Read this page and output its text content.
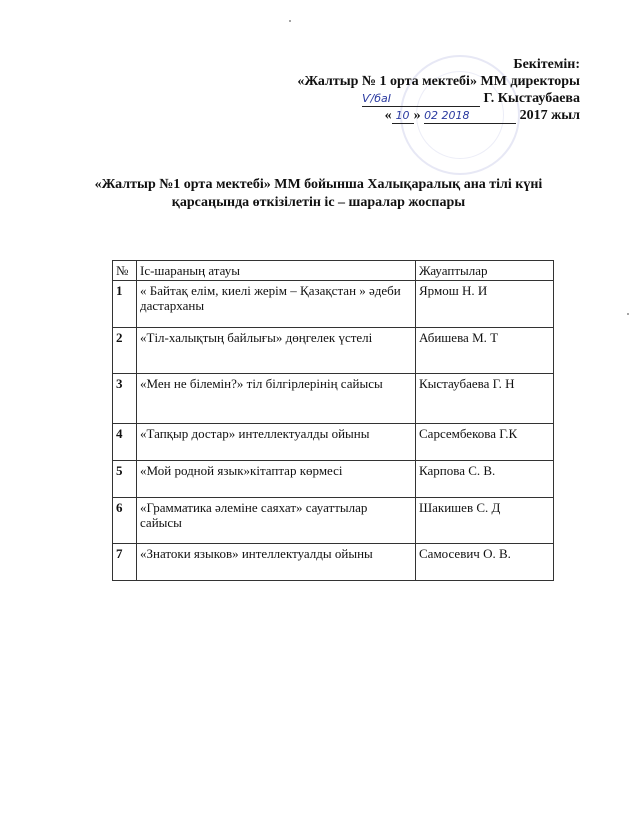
Бекітемін:
«Жалтыр № 1 орта мектебі» ММ директоры
Ѵ/баІ	Г. Кыстаубаева
« 10 » 02 2018	2017 жыл
«Жалтыр №1 орта мектебі» ММ бойынша Халықаралық ана тілі күні
қарсаңында өткізілетін іс – шаралар жоспары
№	Іс-шараның атауы	Жауаптылар
1	« Байтақ елім, киелі жерім – Қазақстан » әдеби дастарханы	Ярмош Н. И
2	«Тіл-халықтың байлығы» дөңгелек үстелі	Абишева М. Т
3	«Мен не білемін?» тіл білгірлерінің сайысы	Кыстаубаева Г. Н
4	«Тапқыр достар» интеллектуалды ойыны	Сарсембекова Г.К
5	«Мой родной язык»кітаптар көрмесі	Карпова С. В.
6	«Грамматика әлеміне саяхат» сауаттылар сайысы	Шакишев С. Д
7	«Знатоки языков» интеллектуалды ойыны	Самосевич О. В.
